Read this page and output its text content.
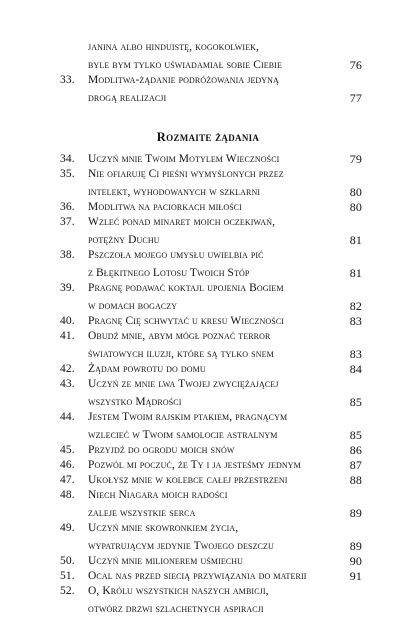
janina albo hinduistę, kogokolwiek,
byle bym tylko uświadamiał sobie Ciebie	76
33.	Modlitwa-żądanie podróżowania jedyną
drogą realizacji	77
Rozmaite żądania
34.	Uczyń mnie Twoim Motylem Wieczności	79
35.	Nie ofiaruję Ci pieśni wymyślonych przez
intelekt, wyhodowanych w szklarni	80
36.	Modlitwa na paciorkach miłości	80
37.	Wzleć ponad minaret moich oczekiwań,
potężny Duchu	81
38.	Pszczoła mojego umysłu uwielbia pić
z Błękitnego Lotosu Twoich Stóp	81
39.	Pragnę podawać koktajl upojenia Bogiem
w domach bogaczy	82
40.	Pragnę Cię schwytać u kresu Wieczności	83
41.	Obudź mnie, abym mógł poznać terror
światowych iluzji, które są tylko snem	83
42.	Żądam powrotu do domu	84
43.	Uczyń ze mnie lwa Twojej zwyciężającej
wszystko Mądrości	85
44.	Jestem Twoim rajskim ptakiem, pragnącym
wzlecieć w Twoim samolocie astralnym	85
45.	Przyjdź do ogrodu moich snów	86
46.	Pozwól mi poczuć, że Ty i ja jesteśmy jednym	87
47.	Ukołysz mnie w kolebce całej przestrzeni	88
48.	Niech Niagara moich radości
zaleje wszystkie serca	89
49.	Uczyń mnie skowronkiem życia,
wypatrującym jedynie Twojego deszczu	89
50.	Uczyń mnie milionerem uśmiechu	90
51.	Ocal nas przed siecią przywiązania do materii	91
52.	O, Królu wszystkich naszych ambicji,
otwórz drzwi szlachetnych aspiracji
